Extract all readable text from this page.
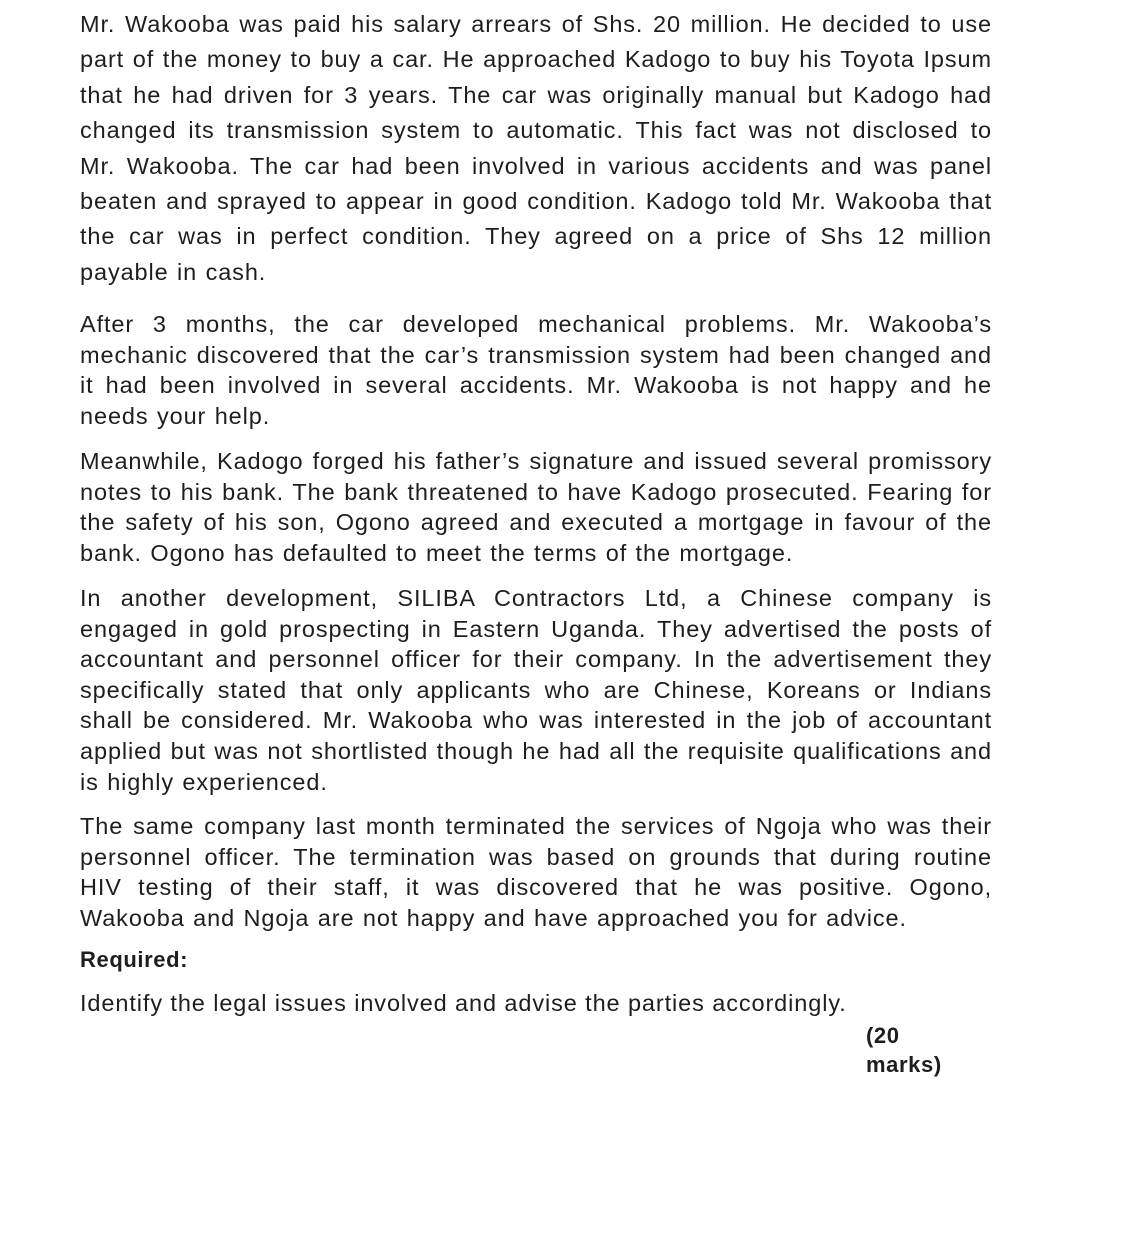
Mr. Wakooba was paid his salary arrears of Shs. 20 million. He decided to use part of the money to buy a car. He approached Kadogo to buy his Toyota Ipsum that he had driven for 3 years. The car was originally manual but Kadogo had changed its transmission system to automatic. This fact was not disclosed to Mr. Wakooba. The car had been involved in various accidents and was panel beaten and sprayed to appear in good condition. Kadogo told Mr. Wakooba that the car was in perfect condition. They agreed on a price of Shs 12 million payable in cash.

After 3 months, the car developed mechanical problems. Mr. Wakooba’s mechanic discovered that the car’s transmission system had been changed and it had been involved in several accidents. Mr. Wakooba is not happy and he needs your help.

Meanwhile, Kadogo forged his father’s signature and issued several promissory notes to his bank. The bank threatened to have Kadogo prosecuted. Fearing for the safety of his son, Ogono agreed and executed a mortgage in favour of the bank. Ogono has defaulted to meet the terms of the mortgage.

In another development, SILIBA Contractors Ltd, a Chinese company is engaged in gold prospecting in Eastern Uganda. They advertised the posts of accountant and personnel officer for their company. In the advertisement they specifically stated that only applicants who are Chinese, Koreans or Indians shall be considered. Mr. Wakooba who was interested in the job of accountant applied but was not shortlisted though he had all the requisite qualifications and is highly experienced.

The same company last month terminated the services of Ngoja who was their personnel officer. The termination was based on grounds that during routine HIV testing of their staff, it was discovered that he was positive. Ogono, Wakooba and Ngoja are not happy and have approached you for advice.

Required:

Identify the legal issues involved and advise the parties accordingly.

(20 marks)
